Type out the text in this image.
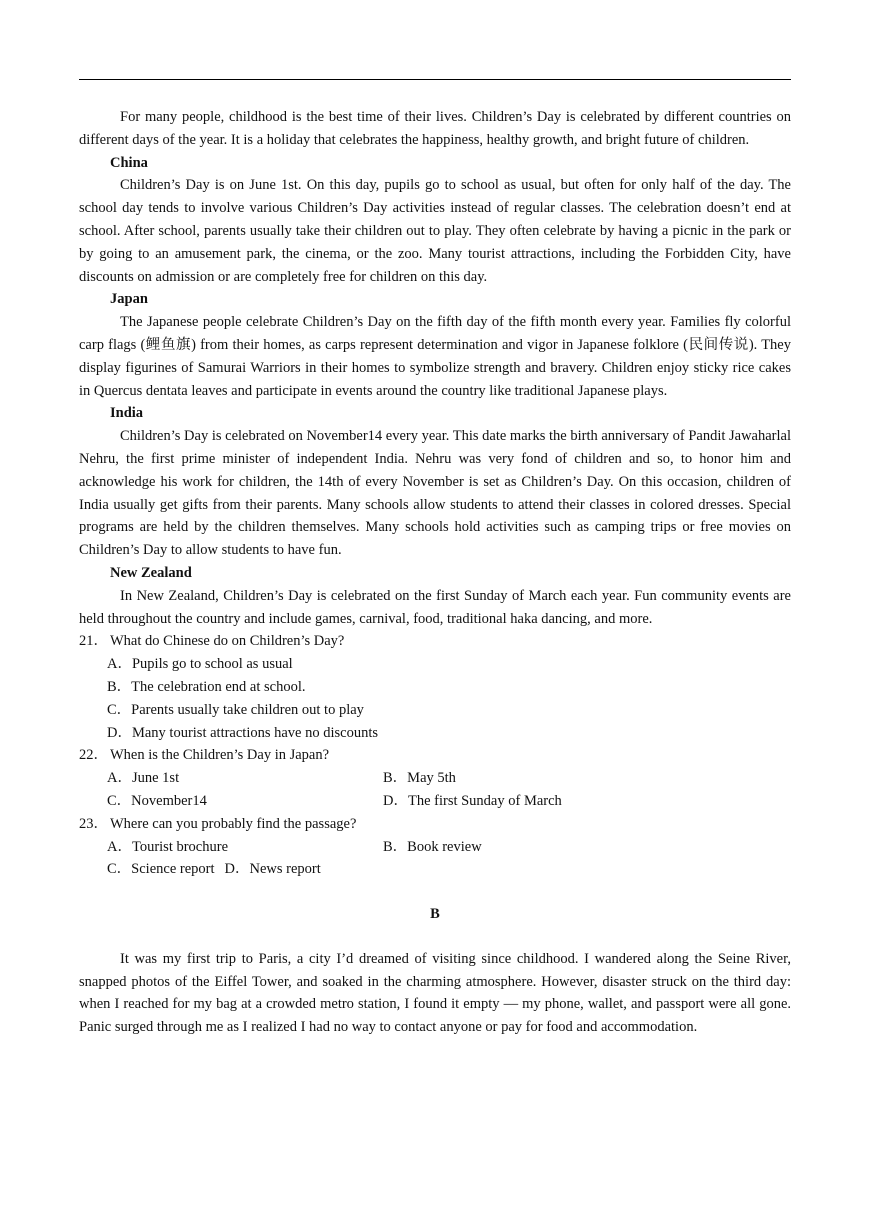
For many people, childhood is the best time of their lives. Children’s Day is celebrated by different countries on different days of the year. It is a holiday that celebrates the happiness, healthy growth, and bright future of children.

China

Children’s Day is on June 1st. On this day, pupils go to school as usual, but often for only half of the day. The school day tends to involve various Children’s Day activities instead of regular classes. The celebration doesn’t end at school. After school, parents usually take their children out to play. They often celebrate by having a picnic in the park or by going to an amusement park, the cinema, or the zoo. Many tourist attractions, including the Forbidden City, have discounts on admission or are completely free for children on this day.

Japan

The Japanese people celebrate Children’s Day on the fifth day of the fifth month every year. Families fly colorful carp flags (鲤鱼旗) from their homes, as carps represent determination and vigor in Japanese folklore (民间传说). They display figurines of Samurai Warriors in their homes to symbolize strength and bravery. Children enjoy sticky rice cakes in Quercus dentata leaves and participate in events around the country like traditional Japanese plays.

India

Children’s Day is celebrated on November14 every year. This date marks the birth anniversary of Pandit Jawaharlal Nehru, the first prime minister of independent India. Nehru was very fond of children and so, to honor him and acknowledge his work for children, the 14th of every November is set as Children’s Day. On this occasion, children of India usually get gifts from their parents. Many schools allow students to attend their classes in colored dresses. Special programs are held by the children themselves. Many schools hold activities such as camping trips or free movies on Children’s Day to allow students to have fun.

New Zealand

In New Zealand, Children’s Day is celebrated on the first Sunday of March each year. Fun community events are held throughout the country and include games, carnival, food, traditional haka dancing, and more.

21． What do Chinese do on Children’s Day?
A．Pupils go to school as usual
B．The celebration end at school.
C．Parents usually take children out to play
D．Many tourist attractions have no discounts
22． When is the Children’s Day in Japan?
A．June 1st	B．May 5th
C．November14	D．The first Sunday of March
23． Where can you probably find the passage?
A．Tourist brochure	B．Book review
C．Science report D．News report
B

It was my first trip to Paris, a city I’d dreamed of visiting since childhood. I wandered along the Seine River, snapped photos of the Eiffel Tower, and soaked in the charming atmosphere. However, disaster struck on the third day: when I reached for my bag at a crowded metro station, I found it empty — my phone, wallet, and passport were all gone. Panic surged through me as I realized I had no way to contact anyone or pay for food and accommodation.
